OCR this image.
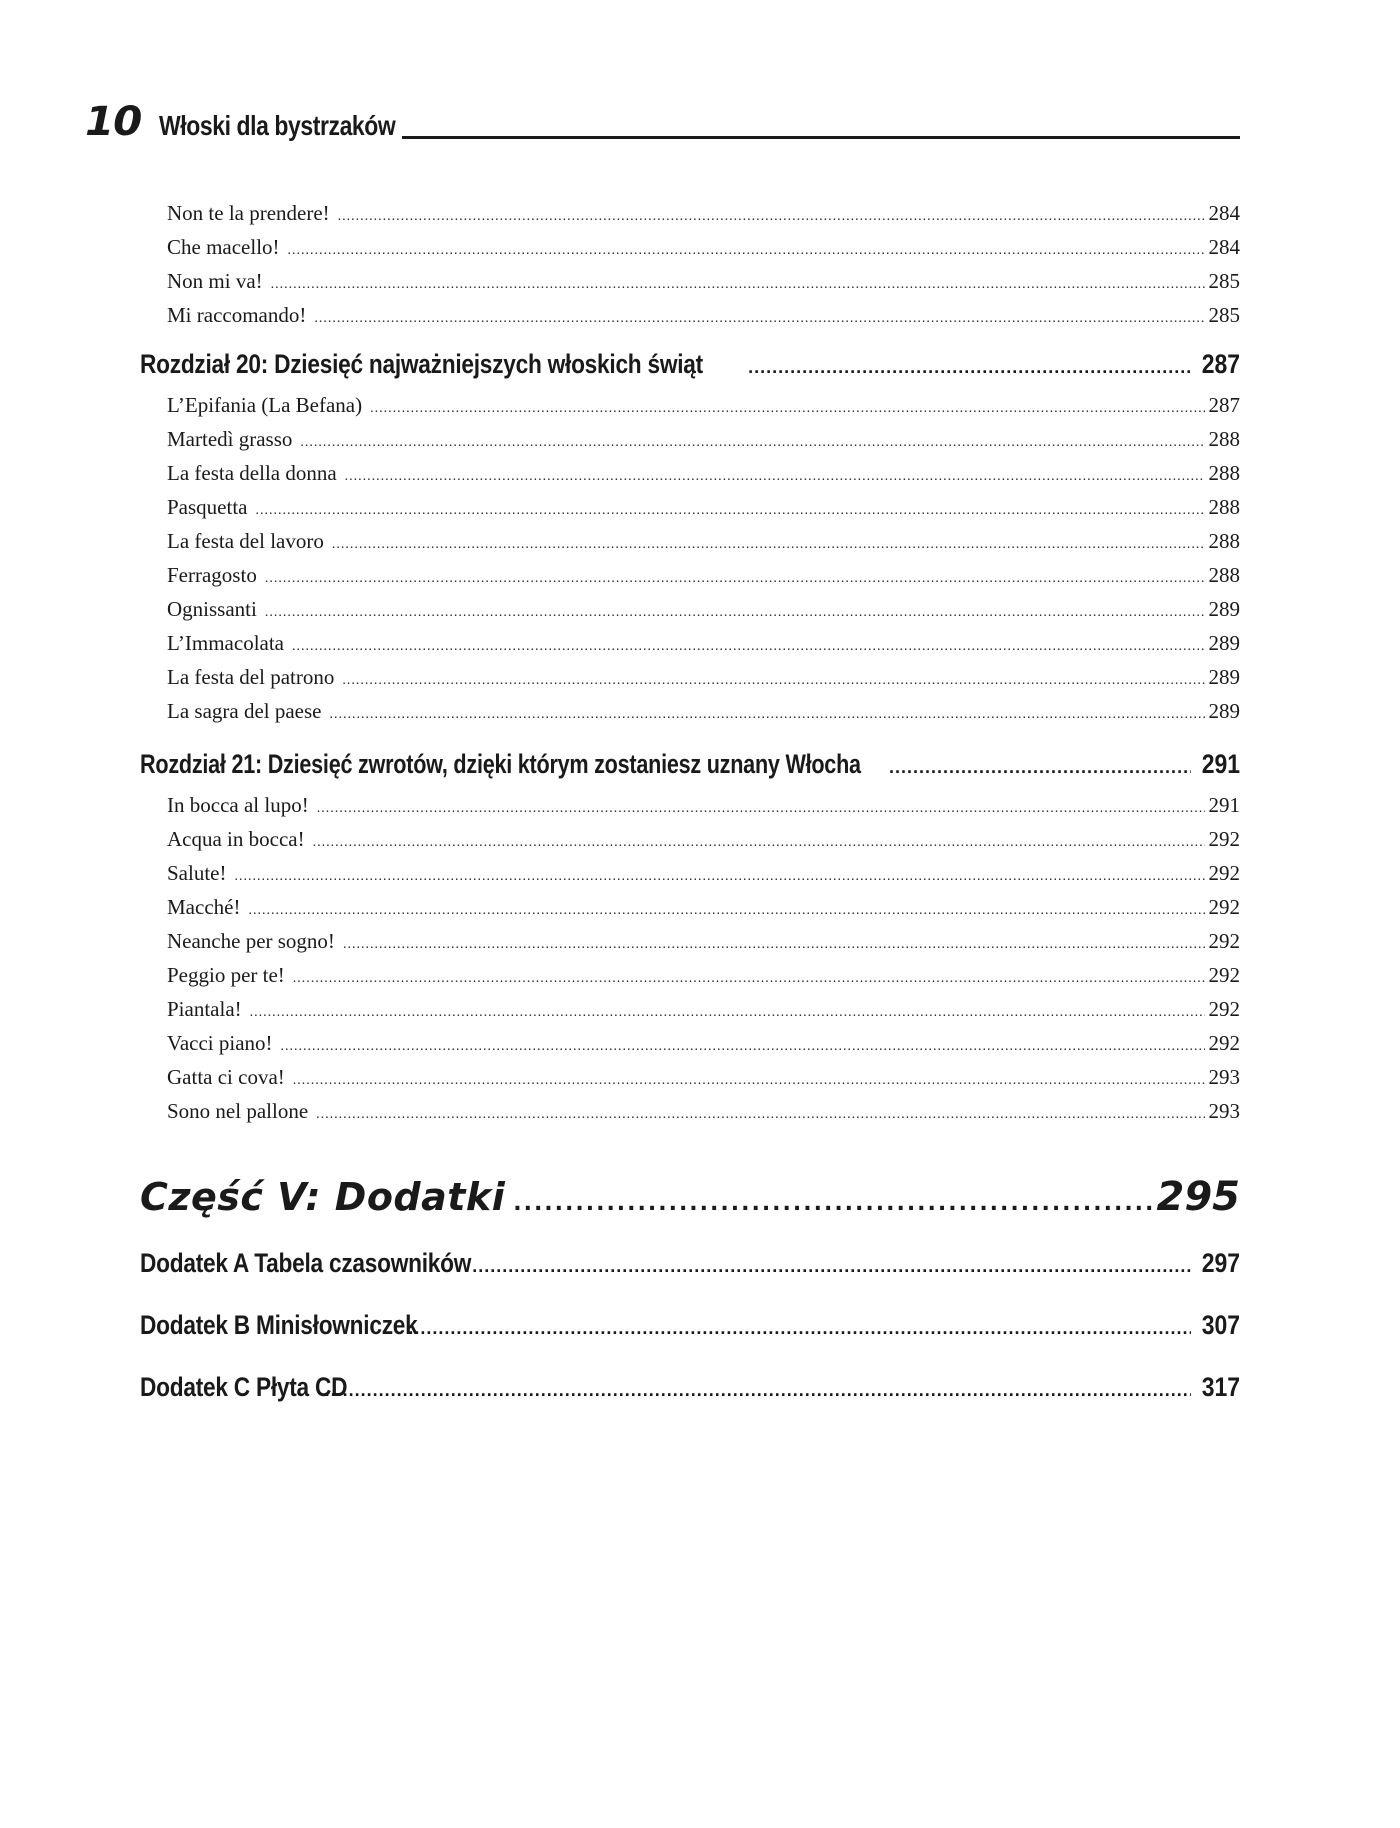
10 Włoski dla bystrzaków
Non te la prendere! .....	284
Che macello! .....	284
Non mi va! .....	285
Mi raccomando! .....	285
Rozdział 20: Dziesięć najważniejszych włoskich świąt .....	287
L’Epifania (La Befana) .....	287
Martedì grasso .....	288
La festa della donna .....	288
Pasquetta .....	288
La festa del lavoro .....	288
Ferragosto .....	288
Ognissanti .....	289
L’Immacolata .....	289
La festa del patrono .....	289
La sagra del paese .....	289
Rozdział 21: Dziesięć zwrotów, dzięki którym zostaniesz uznany Włocha .....	291
In bocca al lupo! .....	291
Acqua in bocca! .....	292
Salute! .....	292
Macché! .....	292
Neanche per sogno! .....	292
Peggio per te! .....	292
Piantala! .....	292
Vacci piano! .....	292
Gatta ci cova! .....	293
Sono nel pallone .....	293
Część V: Dodatki .....	295
Dodatek A Tabela czasowników .....	297
Dodatek B Minisłowniczek .....	307
Dodatek C Płyta CD .....	317
